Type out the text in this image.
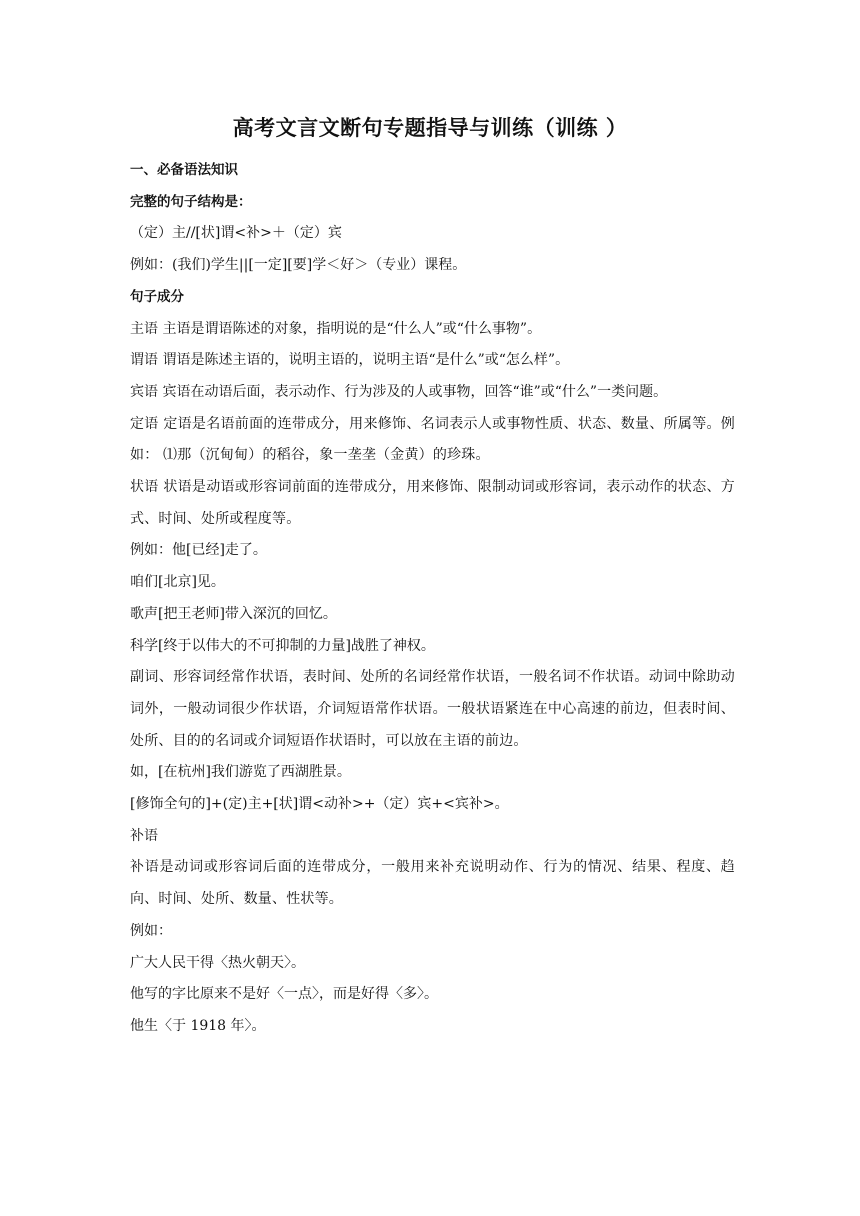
高考文言文断句专题指导与训练（训练 ）
一、必备语法知识
完整的句子结构是：
（定）主//[状]谓<补>＋（定）宾
例如：(我们)学生||[一定][要]学＜好＞（专业）课程。
句子成分
主语 主语是谓语陈述的对象，指明说的是“什么人”或“什么事物”。
谓语 谓语是陈述主语的，说明主语的，说明主语“是什么”或“怎么样”。
宾语 宾语在动语后面，表示动作、行为涉及的人或事物，回答“谁”或“什么”一类问题。
定语 定语是名语前面的连带成分，用来修饰、名词表示人或事物性质、状态、数量、所属等。例如： ⑴那（沉甸甸）的稻谷，象一垄垄（金黄）的珍珠。
状语 状语是动语或形容词前面的连带成分，用来修饰、限制动词或形容词，表示动作的状态、方式、时间、处所或程度等。
例如：他[已经]走了。
咱们[北京]见。
歌声[把王老师]带入深沉的回忆。
科学[终于以伟大的不可抑制的力量]战胜了神权。
副词、形容词经常作状语，表时间、处所的名词经常作状语，一般名词不作状语。动词中除助动词外，一般动词很少作状语，介词短语常作状语。一般状语紧连在中心高速的前边，但表时间、处所、目的的名词或介词短语作状语时，可以放在主语的前边。
如，[在杭州]我们游览了西湖胜景。
[修饰全句的]+(定)主+[状]谓<动补>+（定）宾+<宾补>。
补语
补语是动词或形容词后面的连带成分，一般用来补充说明动作、行为的情况、结果、程度、趋向、时间、处所、数量、性状等。
例如：
广大人民干得〈热火朝天〉。
他写的字比原来不是好〈一点〉，而是好得〈多〉。
他生〈于 1918 年〉。
